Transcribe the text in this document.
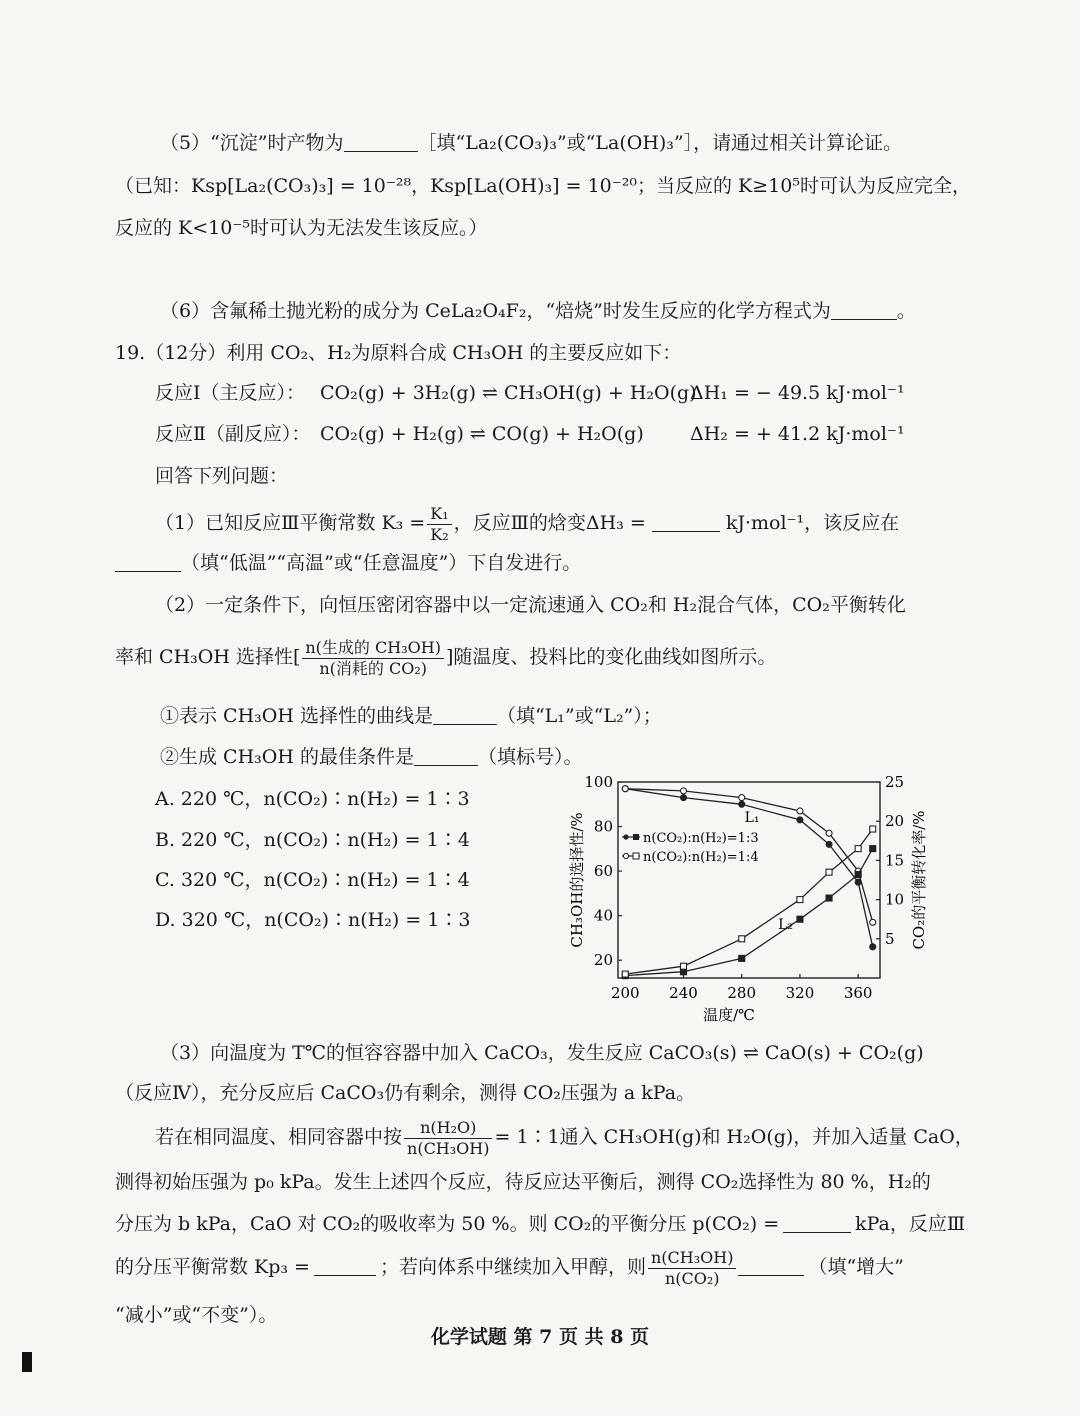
（5）“沉淀”时产物为	［填“La₂(CO₃)₃”或“La(OH)₃”］，请通过相关计算论证。
（已知：Ksp[La₂(CO₃)₃] = 10⁻²⁸，Ksp[La(OH)₃] = 10⁻²⁰；当反应的 K≥10⁵时可认为反应完全，
反应的 K<10⁻⁵时可认为无法发生该反应。）
（6）含氟稀土抛光粉的成分为 CeLa₂O₄F₂，“焙烧”时发生反应的化学方程式为	。
19.（12分）利用 CO₂、H₂为原料合成 CH₃OH 的主要反应如下：
反应Ⅰ（主反应）： CO₂(g) + 3H₂(g) ⇌ CH₃OH(g) + H₂O(g)
ΔH₁ = − 49.5 kJ·mol⁻¹
反应Ⅱ（副反应）： CO₂(g) + H₂(g) ⇌ CO(g) + H₂O(g) ΔH₂ = + 41.2 kJ·mol⁻¹
回答下列问题：
（1）已知反应Ⅲ平衡常数 $K_3 = \frac{\text{K₁}}{\text{K₂}}$ ，反应Ⅲ的焓变ΔH₃ =	kJ·mol⁻¹，该反应在
（填“低温”“高温”或“任意温度”）下自发进行。
（2）一定条件下，向恒压密闭容器中以一定流速通入 CO₂和 H₂混合气体，CO₂平衡转化
率和 CH₃OH 选择性[ $\frac{\text{n(生成的 CH₃OH)}}{\text{n(消耗的 CO₂)}}$ ]随温度、投料比的变化曲线如图所示。
①表示 CH₃OH 选择性的曲线是	（填“L₁”或“L₂”）；
②生成 CH₃OH 的最佳条件是	（填标号）。
A. 220 ℃，n(CO₂)∶n(H₂) = 1∶3
B. 220 ℃，n(CO₂)∶n(H₂) = 1∶4
C. 320 ℃，n(CO₂)∶n(H₂) = 1∶4
D. 320 ℃，n(CO₂)∶n(H₂) = 1∶3
200 240 280 320 360
20
40
60
80
100
5
10
15
20
25
温度/℃
CH₃OH的选择性/%	CO₂的平衡转化率/%
n(CO₂):n(H₂)=1:3
n(CO₂):n(H₂)=1:4
L₁
L₂
（3）向温度为 T℃的恒容容器中加入 CaCO₃，发生反应 CaCO₃(s) ⇌ CaO(s) + CO₂(g)
（反应Ⅳ），充分反应后 CaCO₃仍有剩余，测得 CO₂压强为 a kPa。
若在相同温度、相同容器中按 $\frac{\text{n(H₂O)}}{\text{n(CH₃OH)}}$ = 1∶1通入 CH₃OH(g)和 H₂O(g)，并加入适量 CaO，
测得初始压强为 p₀ kPa。发生上述四个反应，待反应达平衡后，测得 CO₂选择性为 80 %，H₂的
分压为 b kPa，CaO 对 CO₂的吸收率为 50 %。则 CO₂的平衡分压 p(CO₂) =	kPa，反应Ⅲ
的分压平衡常数 Kp₃ =	；若向体系中继续加入甲醇，则 $\frac{\text{n(CH₃OH)}}{\text{n(CO₂)}}$	（填“增大”
“减小”或“不变”）。
化学试题 第 7 页 共 8 页
